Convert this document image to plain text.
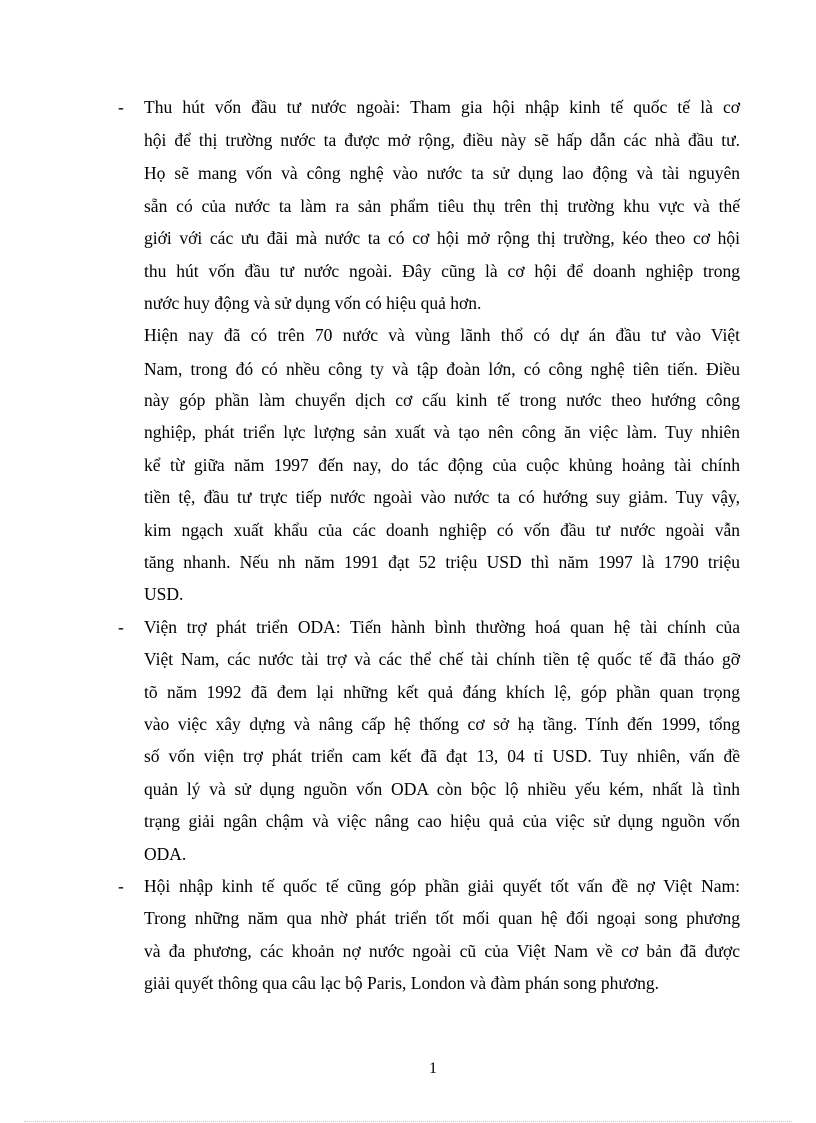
- Thu hút vốn đầu tư nước ngoài: Tham gia hội nhập kinh tế quốc tế là cơ
hội để thị trường nước ta được mở rộng, điều này sẽ hấp dẫn các nhà đầu tư.
Họ sẽ mang vốn và công nghệ vào nước ta sử dụng lao động và tài nguyên
sẵn có của nước ta làm ra sản phẩm tiêu thụ trên thị trường khu vực và thế
giới với các ưu đãi mà nước ta có cơ hội mở rộng thị trường, kéo theo cơ hội
thu hút vốn đầu tư nước ngoài. Đây cũng là cơ hội để doanh nghiệp trong
nước huy động và sử dụng vốn có hiệu quả hơn.
Hiện nay đã có trên 70 nước và vùng lãnh thổ có dự án đầu tư vào Việt
Nam, trong đó có nhều công ty và tập đoàn lớn, có công nghệ tiên tiến. Điều
này góp phần làm chuyển dịch cơ cấu kinh tế trong nước theo hướng công
nghiệp, phát triển lực lượng sản xuất và tạo nên công ăn việc làm. Tuy nhiên
kể từ giữa năm 1997 đến nay, do tác động của cuộc khủng hoảng tài chính
tiền tệ, đầu tư trực tiếp nước ngoài vào nước ta có hướng suy giảm. Tuy vậy,
kim ngạch xuất khẩu của các doanh nghiệp có vốn đầu tư nước ngoài vẫn
tăng nhanh. Nếu nh năm 1991 đạt 52 triệu USD thì năm 1997 là 1790 triệu
USD.
- Viện trợ phát triển ODA: Tiến hành bình thường hoá quan hệ tài chính của
Việt Nam, các nước tài trợ và các thể chế tài chính tiền tệ quốc tế đã tháo gỡ
tõ năm 1992 đã đem lại những kết quả đáng khích lệ, góp phần quan trọng
vào việc xây dựng và nâng cấp hệ thống cơ sở hạ tầng. Tính đến 1999, tổng
số vốn viện trợ phát triển cam kết đã đạt 13, 04 tỉ USD. Tuy nhiên, vấn đề
quản lý và sử dụng nguồn vốn ODA còn bộc lộ nhiều yếu kém, nhất là tình
trạng giải ngân chậm và việc nâng cao hiệu quả của việc sử dụng nguồn vốn
ODA.
- Hội nhập kinh tế quốc tế cũng góp phần giải quyết tốt vấn đề nợ Việt Nam:
Trong những năm qua nhờ phát triển tốt mối quan hệ đối ngoại song phương
và đa phương, các khoản nợ nước ngoài cũ của Việt Nam về cơ bản đã được
giải quyết thông qua câu lạc bộ Paris, London và đàm phán song phương.
1
